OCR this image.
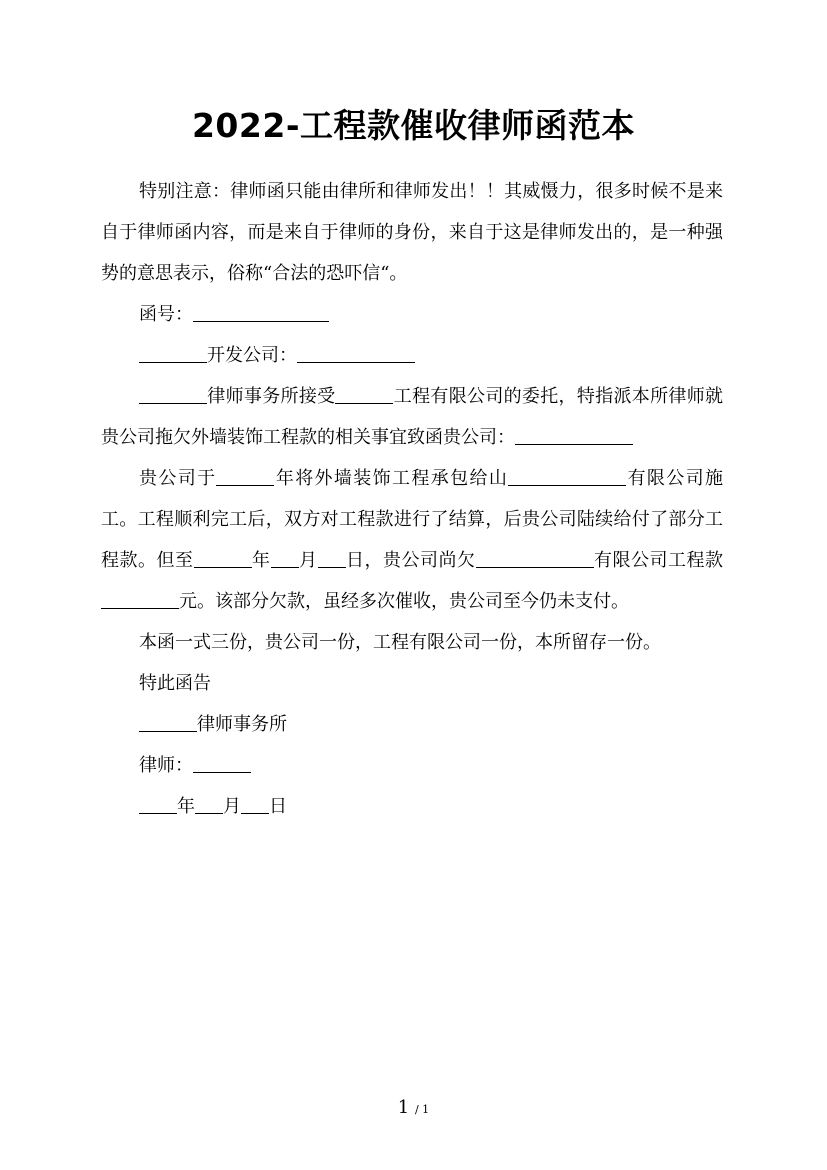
2022-工程款催收律师函范本

特别注意：律师函只能由律所和律师发出！！其威慑力，很多时候不是来自于律师函内容，而是来自于律师的身份，来自于这是律师发出的，是一种强势的意思表示，俗称“合法的恐吓信“。

函号：

开发公司：

律师事务所接受	工程有限公司的委托，特指派本所律师就贵公司拖欠外墙装饰工程款的相关事宜致函贵公司：

贵公司于	年将外墙装饰工程承包给山	有限公司施工。工程顺利完工后，双方对工程款进行了结算，后贵公司陆续给付了部分工程款。但至	年 月 日，贵公司尚欠	有限公司工程款元。该部分欠款，虽经多次催收，贵公司至今仍未支付。

本函一式三份，贵公司一份，工程有限公司一份，本所留存一份。

特此函告

律师事务所

律师：

年 月 日

1 / 1
